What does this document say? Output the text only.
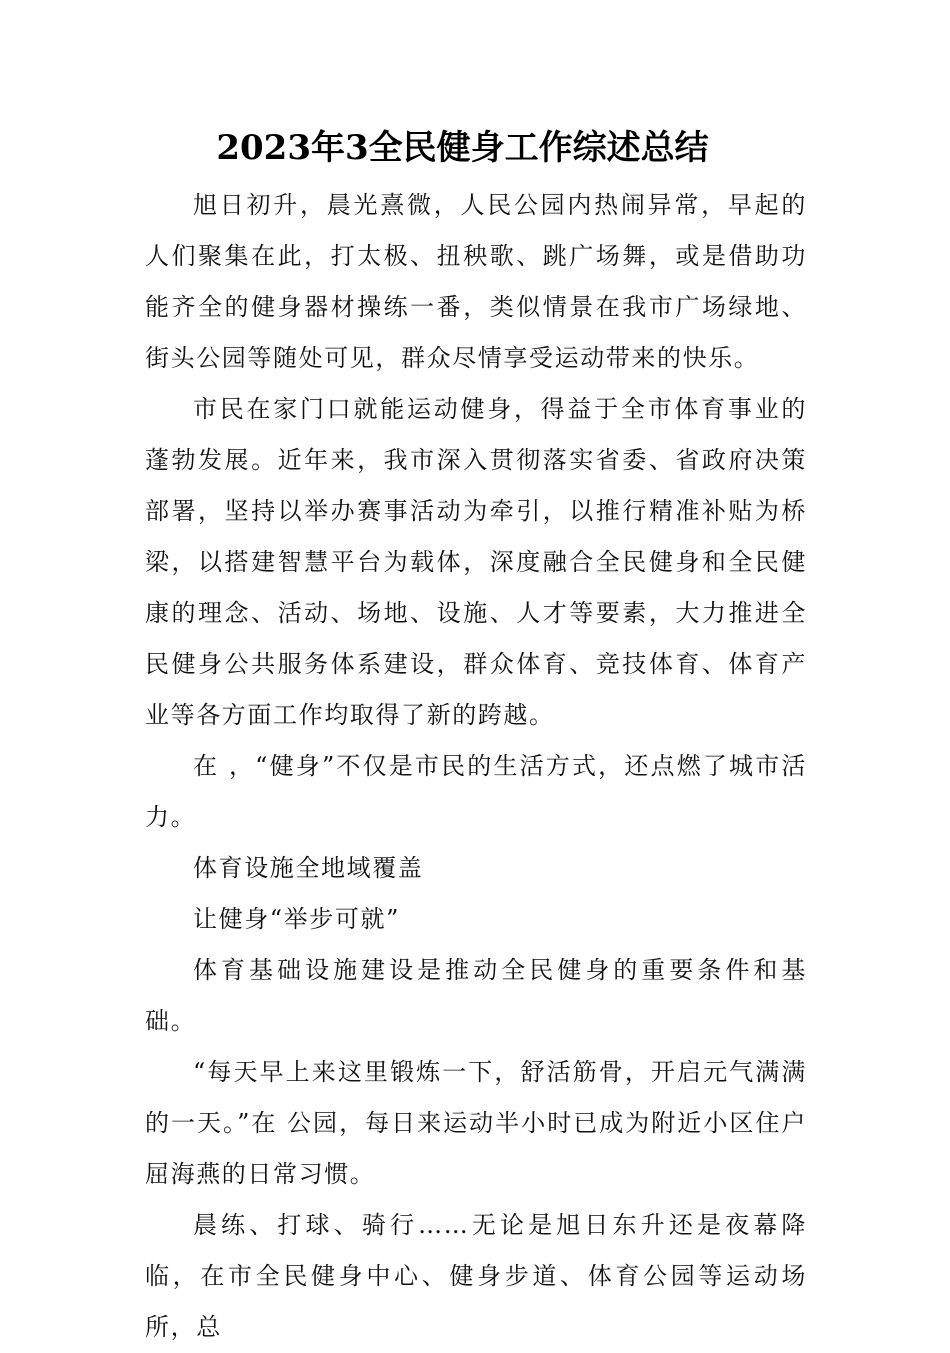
2023年3全民健身工作综述总结

旭日初升，晨光熹微，人民公园内热闹异常，早起的人们聚集在此，打太极、扭秧歌、跳广场舞，或是借助功能齐全的健身器材操练一番，类似情景在我市广场绿地、街头公园等随处可见，群众尽情享受运动带来的快乐。

市民在家门口就能运动健身，得益于全市体育事业的蓬勃发展。近年来，我市深入贯彻落实省委、省政府决策部署，坚持以举办赛事活动为牵引，以推行精准补贴为桥梁，以搭建智慧平台为载体，深度融合全民健身和全民健康的理念、活动、场地、设施、人才等要素，大力推进全民健身公共服务体系建设，群众体育、竞技体育、体育产业等各方面工作均取得了新的跨越。

在 ，“健身”不仅是市民的生活方式，还点燃了城市活力。

体育设施全地域覆盖

让健身“举步可就”

体育基础设施建设是推动全民健身的重要条件和基础。

“每天早上来这里锻炼一下，舒活筋骨，开启元气满满的一天。”在 公园，每日来运动半小时已成为附近小区住户屈海燕的日常习惯。

晨练、打球、骑行……无论是旭日东升还是夜幕降临，在市全民健身中心、健身步道、体育公园等运动场所，总
